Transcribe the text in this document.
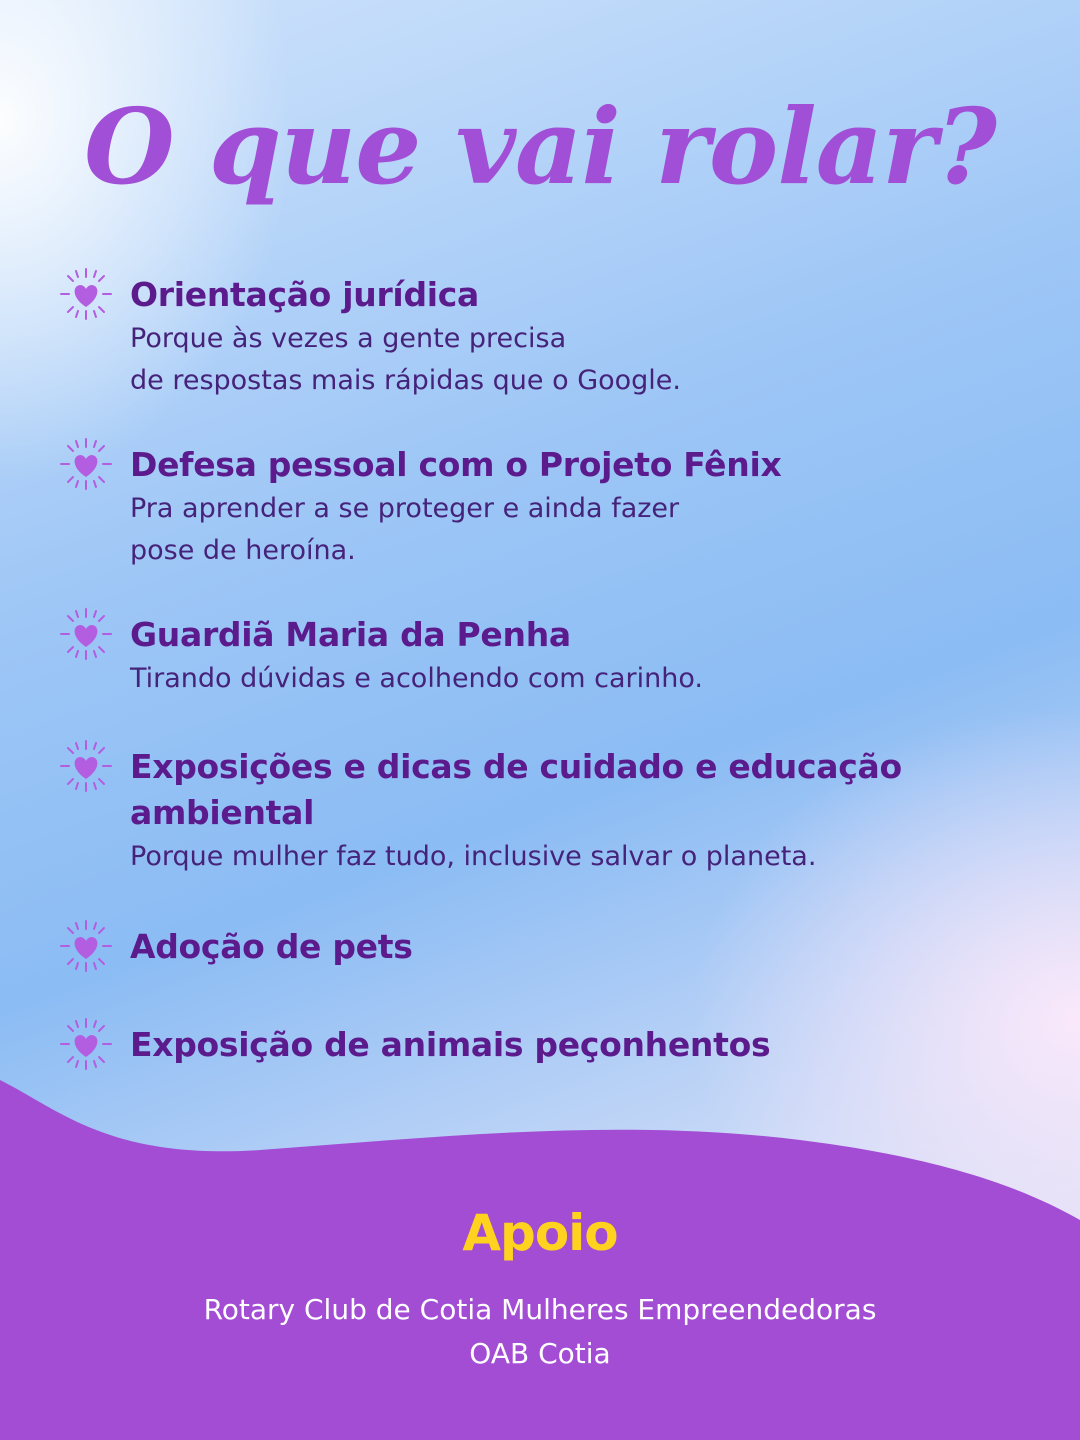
O que vai rolar?
Orientação jurídica

Porque às vezes a gente precisa
de respostas mais rápidas que o Google.

Defesa pessoal com o Projeto Fênix

Pra aprender a se proteger e ainda fazer
pose de heroína.

Guardiã Maria da Penha

Tirando dúvidas e acolhendo com carinho.

Exposições e dicas de cuidado e educação ambiental

Porque mulher faz tudo, inclusive salvar o planeta.

Adoção de pets
Exposição de animais peçonhentos
Apoio
Rotary Club de Cotia Mulheres Empreendedoras
OAB Cotia
